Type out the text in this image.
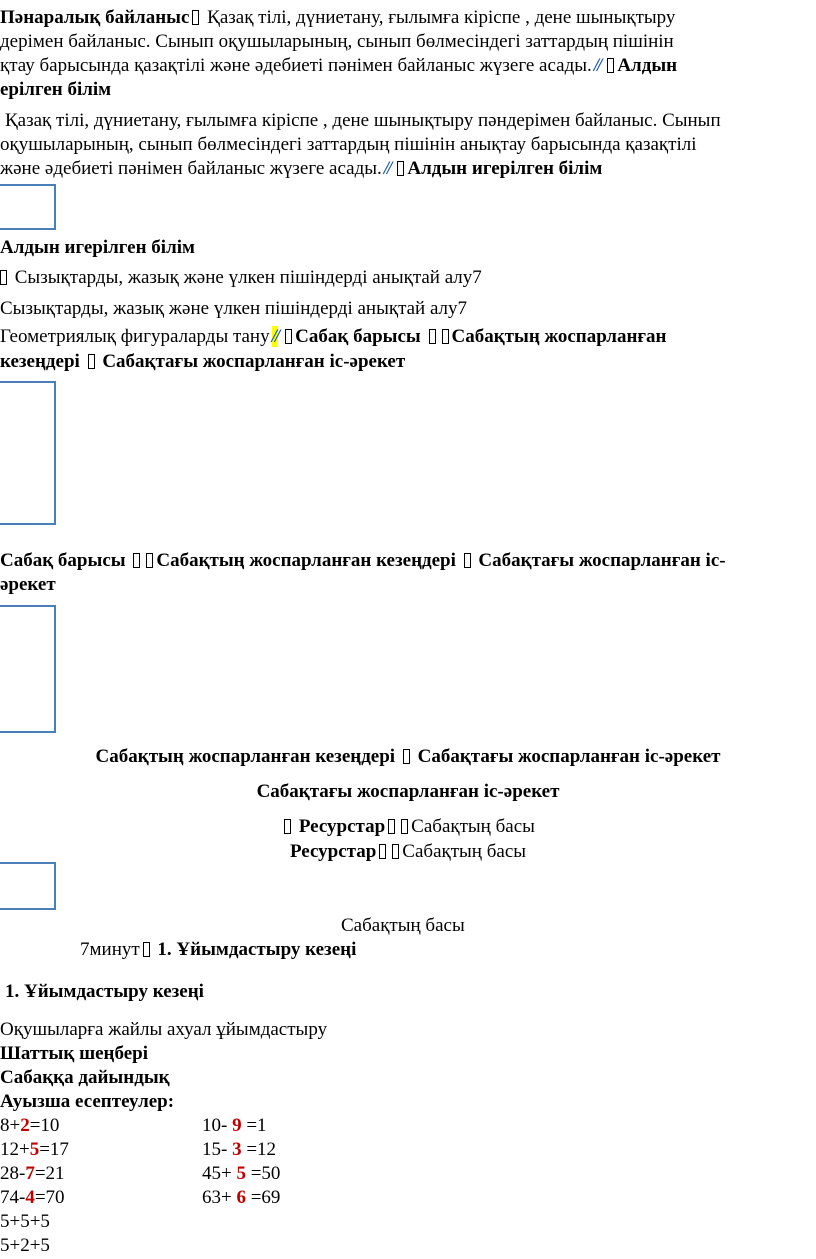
Пәнаралық байланыс Қазақ тілі, дүниетану, ғылымға кіріспе , дене шынықтыру
дерімен байланыс. Сынып оқушыларының, сынып бөлмесіндегі заттардың пішінін
қтау барысында қазақтілі және әдебиеті пәнімен байланыс жүзеге асады. // Алдын
ерілген білім
Қазақ тілі, дүниетану, ғылымға кіріспе , дене шынықтыру пәндерімен байланыс. Сынып
оқушыларының, сынып бөлмесіндегі заттардың пішінін анықтау барысында қазақтілі
және әдебиеті пәнімен байланыс жүзеге асады. // Алдын игерілген білім
Алдын игерілген білім
Сызықтарды, жазық және үлкен пішіндерді анықтай алу7
Сызықтарды, жазық және үлкен пішіндерді анықтай алу7
Геометриялық фигураларды тану // Сабақ барысы Сабақтың жоспарланған
кезеңдері Сабақтағы жоспарланған іс-әрекет
Сабақ барысы Сабақтың жоспарланған кезеңдері Сабақтағы жоспарланған іс-
әрекет
Сабақтың жоспарланған кезеңдері Сабақтағы жоспарланған іс-әрекет
Сабақтағы жоспарланған іс-әрекет
Ресурстар Сабақтың басы
Ресурстар Сабақтың басы
Сабақтың басы
7минут 1. Ұйымдастыру кезеңі
1. Ұйымдастыру кезеңі
Оқушыларға жайлы ахуал ұйымдастыру
Шаттық шеңбері
Сабаққа дайындық
Ауызша есептеулер:
8+2=10
12+5=17
28-7=21
74-4=70
10- 9 =1
15- 3 =12
45+ 5 =50
63+ 6 =69
5+5+5
5+2+5
